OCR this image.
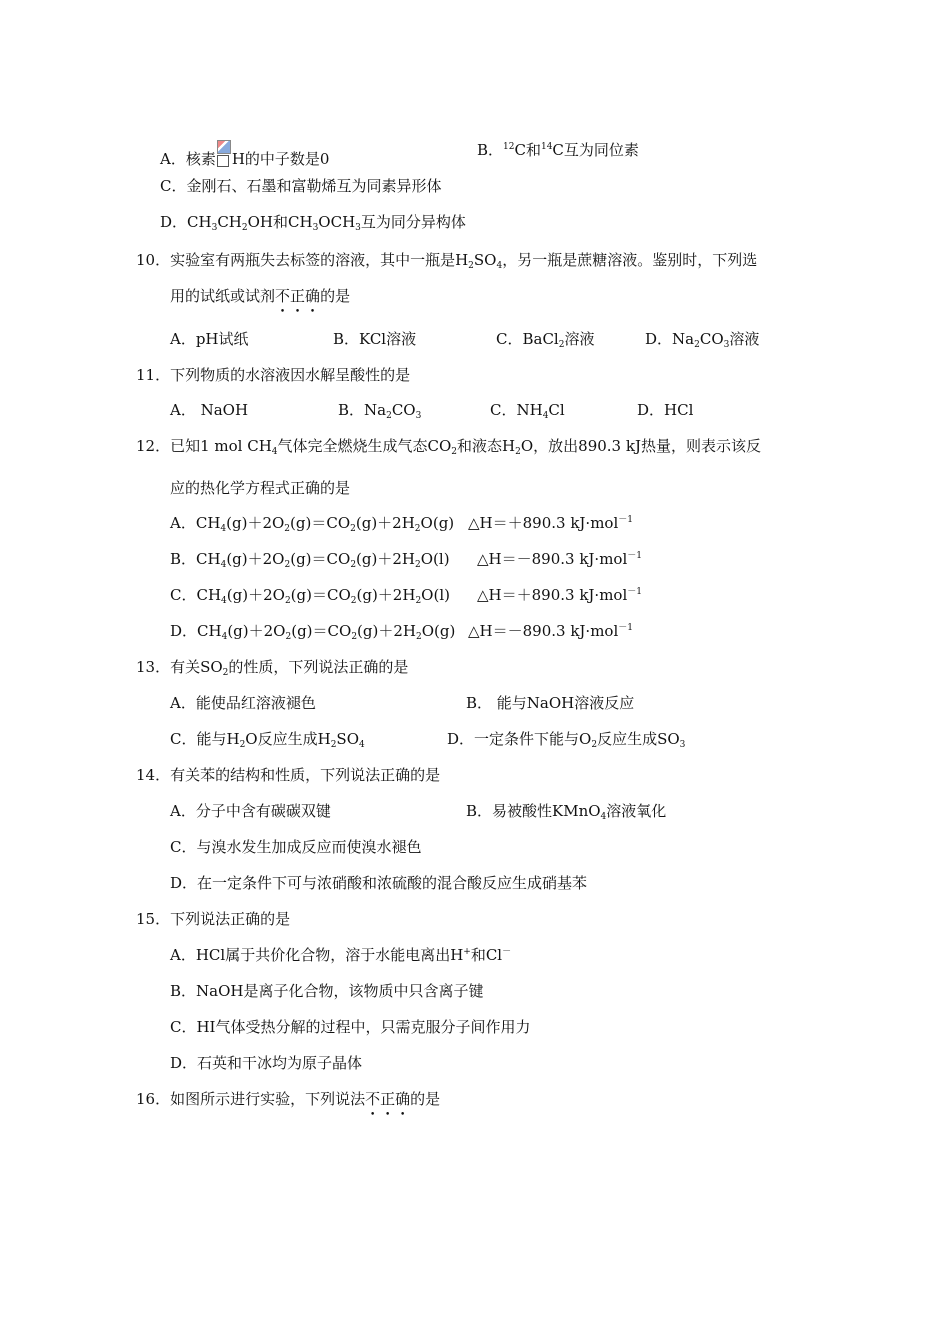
A．核素 H的中子数是0	B．$^{12}$C和$^{14}$C互为同位素
C．金刚石、石墨和富勒烯互为同素异形体
D．$CH_3CH_2OH$和$CH_3OCH_3$互为同分异构体
10．实验室有两瓶失去标签的溶液，其中一瓶是$H_2SO_4$，另一瓶是蔗糖溶液。鉴别时，下列选
用的试纸或试剂不正确的是
A．pH试纸	B．KCl溶液	C．BaCl$_2$溶液	D．$Na_2CO_3$溶液
11．下列物质的水溶液因水解呈酸性的是
A． NaOH	B．$Na_2CO_3$	C．$NH_4Cl$	D．HCl
12．已知1 mol $CH_4$气体完全燃烧生成气态$CO_2$和液态$H_2O$，放出890.3 kJ热量，则表示该反
应的热化学方程式正确的是
A．$CH_4(g)+2O_2(g)=CO_2(g)+2H_2O(g)$ △H＝＋890.3 kJ·mol$^{-1}$
B．$CH_4(g)+2O_2(g)=CO_2(g)+2H_2O(l)$ △H＝－890.3 kJ·mol$^{-1}$
C．$CH_4(g)+2O_2(g)=CO_2(g)+2H_2O(l)$ △H＝＋890.3 kJ·mol$^{-1}$
D．$CH_4(g)+2O_2(g)=CO_2(g)+2H_2O(g)$ △H＝－890.3 kJ·mol$^{-1}$
13．有关$SO_2$的性质，下列说法正确的是
A．能使品红溶液褪色	B． 能与NaOH溶液反应
C．能与$H_2O$反应生成$H_2SO_4$	D．一定条件下能与$O_2$反应生成$SO_3$
14．有关苯的结构和性质，下列说法正确的是
A．分子中含有碳碳双键	B．易被酸性KMnO$_4$溶液氧化
C．与溴水发生加成反应而使溴水褪色
D．在一定条件下可与浓硝酸和浓硫酸的混合酸反应生成硝基苯
15．下列说法正确的是
A．HCl属于共价化合物，溶于水能电离出H+和Cl－
B．NaOH是离子化合物，该物质中只含离子键
C．HI气体受热分解的过程中，只需克服分子间作用力
D．石英和干冰均为原子晶体
16．如图所示进行实验，下列说法不正确的是
